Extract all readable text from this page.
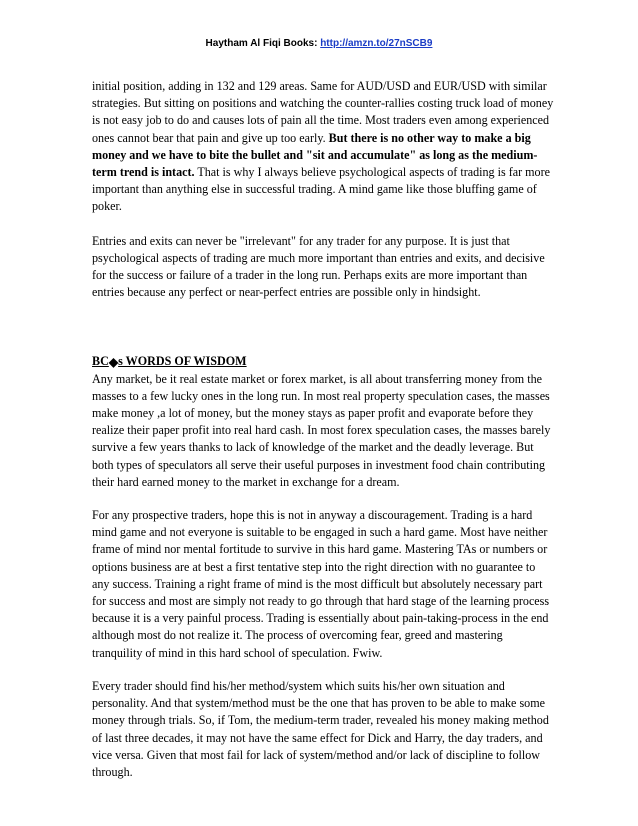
Haytham Al Fiqi Books: http://amzn.to/27nSCB9

initial position, adding in 132 and 129 areas. Same for AUD/USD and EUR/USD with similar strategies. But sitting on positions and watching the counter-rallies costing truck load of money is not easy job to do and causes lots of pain all the time. Most traders even among experienced ones cannot bear that pain and give up too early. But there is no other way to make a big money and we have to bite the bullet and "sit and accumulate" as long as the medium-term trend is intact. That is why I always believe psychological aspects of trading is far more important than anything else in successful trading. A mind game like those bluffing game of poker.

Entries and exits can never be "irrelevant" for any trader for any purpose. It is just that psychological aspects of trading are much more important than entries and exits, and decisive for the success or failure of a trader in the long run. Perhaps exits are more important than entries because any perfect or near-perfect entries are possible only in hindsight.

BC◆s WORDS OF WISDOM

Any market, be it real estate market or forex market, is all about transferring money from the masses to a few lucky ones in the long run. In most real property speculation cases, the masses make money ,a lot of money, but the money stays as paper profit and evaporate before they realize their paper profit into real hard cash. In most forex speculation cases, the masses barely survive a few years thanks to lack of knowledge of the market and the deadly leverage. But both types of speculators all serve their useful purposes in investment food chain contributing their hard earned money to the market in exchange for a dream.

For any prospective traders, hope this is not in anyway a discouragement. Trading is a hard mind game and not everyone is suitable to be engaged in such a hard game. Most have neither frame of mind nor mental fortitude to survive in this hard game. Mastering TAs or numbers or options business are at best a first tentative step into the right direction with no guarantee to any success. Training a right frame of mind is the most difficult but absolutely necessary part for success and most are simply not ready to go through that hard stage of the learning process because it is a very painful process. Trading is essentially about pain-taking-process in the end although most do not realize it. The process of overcoming fear, greed and mastering tranquility of mind in this hard school of speculation. Fwiw.

Every trader should find his/her method/system which suits his/her own situation and personality. And that system/method must be the one that has proven to be able to make some money through trials. So, if Tom, the medium-term trader, revealed his money making method of last three decades, it may not have the same effect for Dick and Harry, the day traders, and vice versa. Given that most fail for lack of system/method and/or lack of discipline to follow through.
